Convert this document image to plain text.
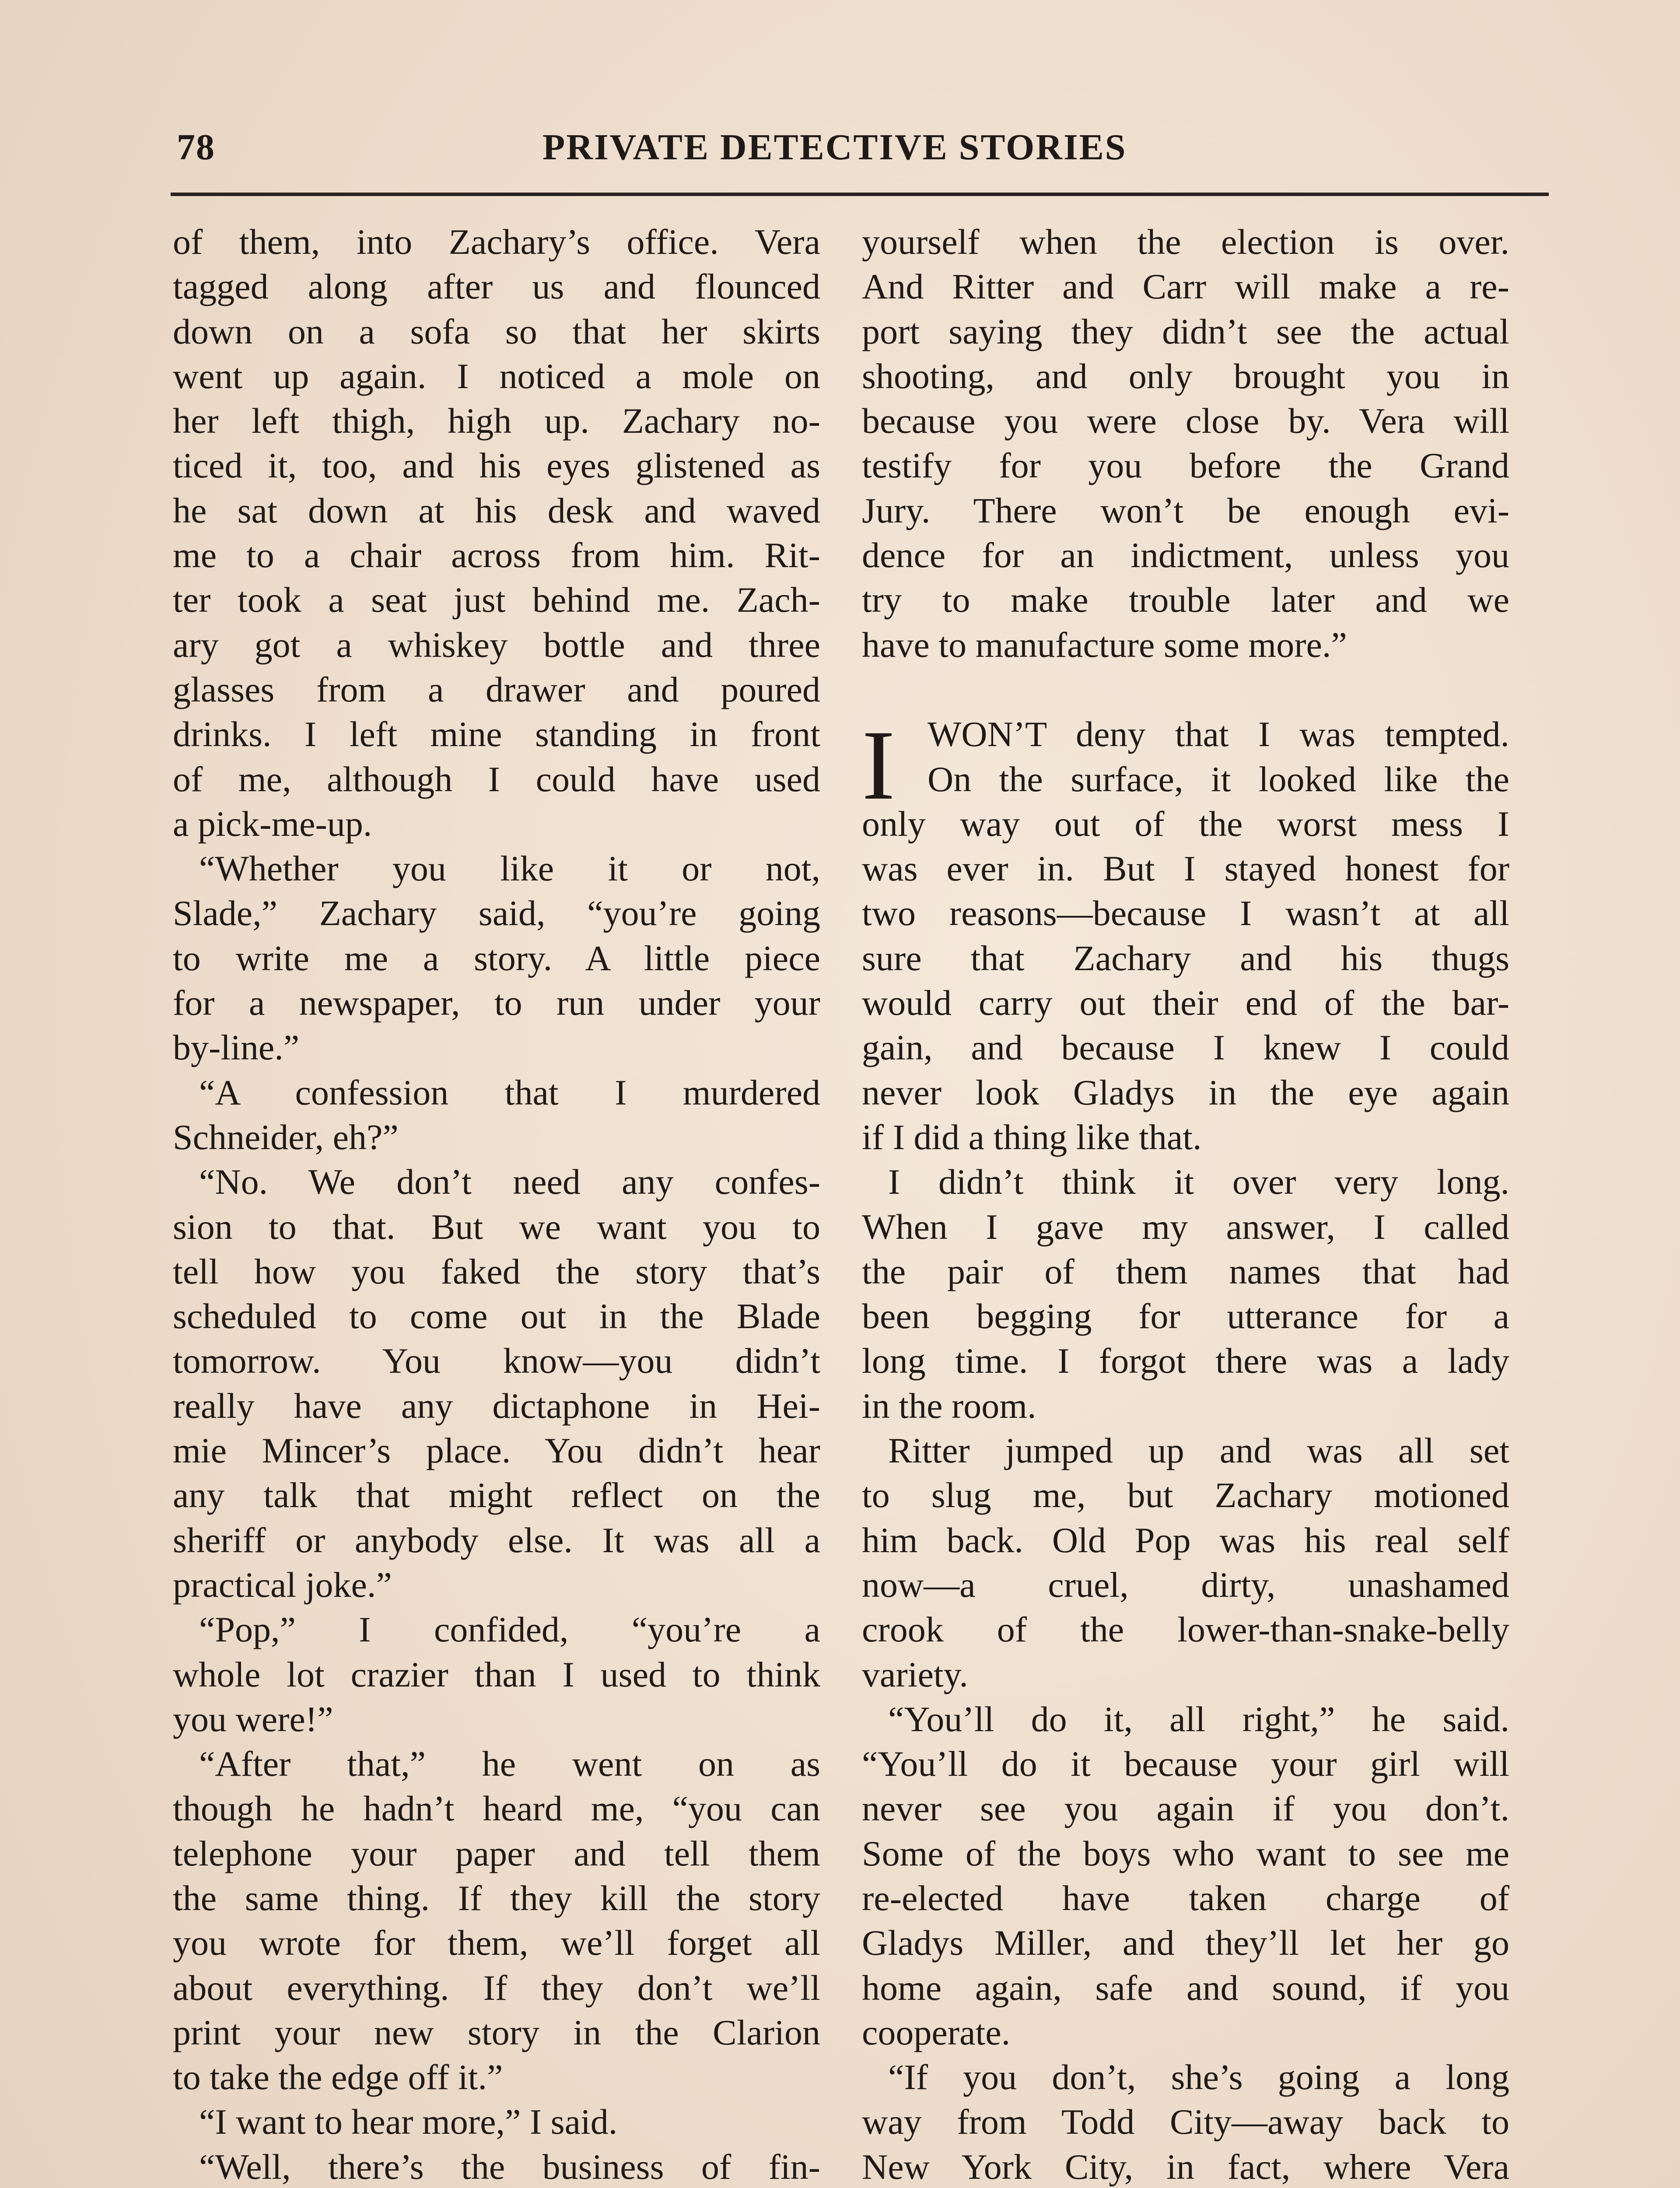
78	PRIVATE DETECTIVE STORIES
of them, into Zachary’s office. Vera
tagged along after us and flounced
down on a sofa so that her skirts
went up again. I noticed a mole on
her left thigh, high up. Zachary no-
ticed it, too, and his eyes glistened as
he sat down at his desk and waved
me to a chair across from him. Rit-
ter took a seat just behind me. Zach-
ary got a whiskey bottle and three
glasses from a drawer and poured
drinks. I left mine standing in front
of me, although I could have used
a pick-me-up.
“Whether you like it or not,
Slade,” Zachary said, “you’re going
to write me a story. A little piece
for a newspaper, to run under your
by-line.”
“A confession that I murdered
Schneider, eh?”
“No. We don’t need any confes-
sion to that. But we want you to
tell how you faked the story that’s
scheduled to come out in the Blade
tomorrow. You know—you didn’t
really have any dictaphone in Hei-
mie Mincer’s place. You didn’t hear
any talk that might reflect on the
sheriff or anybody else. It was all a
practical joke.”
“Pop,” I confided, “you’re a
whole lot crazier than I used to think
you were!”
“After that,” he went on as
though he hadn’t heard me, “you can
telephone your paper and tell them
the same thing. If they kill the story
you wrote for them, we’ll forget all
about everything. If they don’t we’ll
print your new story in the Clarion
to take the edge off it.”
“I want to hear more,” I said.
“Well, there’s the business of fin-
I
yourself when the election is over.
And Ritter and Carr will make a re-
port saying they didn’t see the actual
shooting, and only brought you in
because you were close by. Vera will
testify for you before the Grand
Jury. There won’t be enough evi-
dence for an indictment, unless you
try to make trouble later and we
have to manufacture some more.”
WON’T deny that I was tempted.
On the surface, it looked like the
only way out of the worst mess I
was ever in. But I stayed honest for
two reasons—because I wasn’t at all
sure that Zachary and his thugs
would carry out their end of the bar-
gain, and because I knew I could
never look Gladys in the eye again
if I did a thing like that.
I didn’t think it over very long.
When I gave my answer, I called
the pair of them names that had
been begging for utterance for a
long time. I forgot there was a lady
in the room.
Ritter jumped up and was all set
to slug me, but Zachary motioned
him back. Old Pop was his real self
now—a cruel, dirty, unashamed
crook of the lower-than-snake-belly
variety.
“You’ll do it, all right,” he said.
“You’ll do it because your girl will
never see you again if you don’t.
Some of the boys who want to see me
re-elected have taken charge of
Gladys Miller, and they’ll let her go
home again, safe and sound, if you
cooperate.
“If you don’t, she’s going a long
way from Todd City—away back to
New York City, in fact, where Vera
